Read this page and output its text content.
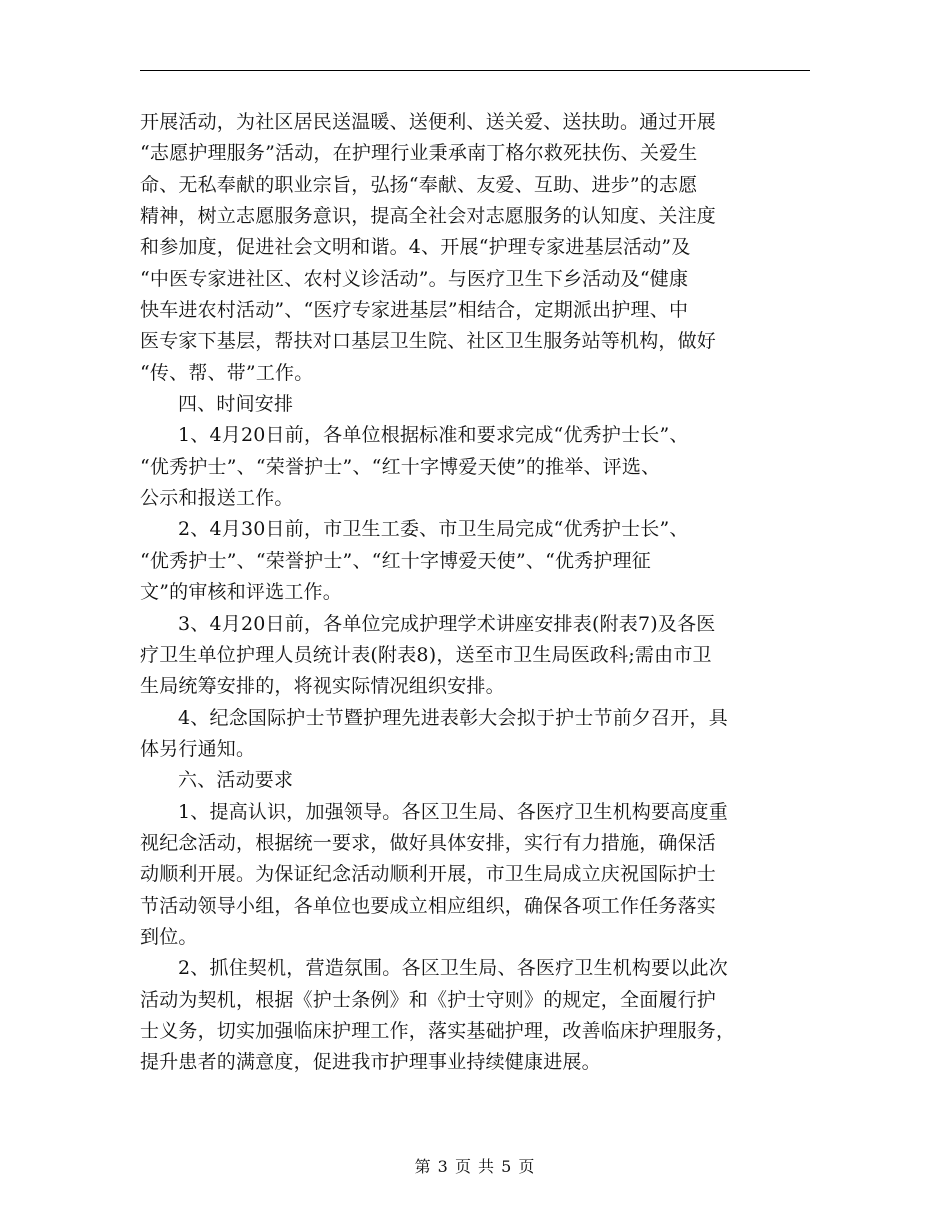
开展活动，为社区居民送温暖、送便利、送关爱、送扶助。通过开展
“志愿护理服务”活动，在护理行业秉承南丁格尔救死扶伤、关爱生
命、无私奉献的职业宗旨，弘扬“奉献、友爱、互助、进步”的志愿
精神，树立志愿服务意识，提高全社会对志愿服务的认知度、关注度
和参加度，促进社会文明和谐。4、开展“护理专家进基层活动”及
“中医专家进社区、农村义诊活动”。与医疗卫生下乡活动及“健康
快车进农村活动”、“医疗专家进基层”相结合，定期派出护理、中
医专家下基层，帮扶对口基层卫生院、社区卫生服务站等机构，做好
“传、帮、带”工作。
四、时间安排
1、4月20日前，各单位根据标准和要求完成“优秀护士长”、
“优秀护士”、“荣誉护士”、“红十字博爱天使”的推举、评选、
公示和报送工作。
2、4月30日前，市卫生工委、市卫生局完成“优秀护士长”、
“优秀护士”、“荣誉护士”、“红十字博爱天使”、“优秀护理征
文”的审核和评选工作。
3、4月20日前，各单位完成护理学术讲座安排表(附表7)及各医
疗卫生单位护理人员统计表(附表8)，送至市卫生局医政科;需由市卫
生局统筹安排的，将视实际情况组织安排。
4、纪念国际护士节暨护理先进表彰大会拟于护士节前夕召开，具
体另行通知。
六、活动要求
1、提高认识，加强领导。各区卫生局、各医疗卫生机构要高度重
视纪念活动，根据统一要求，做好具体安排，实行有力措施，确保活
动顺利开展。为保证纪念活动顺利开展，市卫生局成立庆祝国际护士
节活动领导小组，各单位也要成立相应组织，确保各项工作任务落实
到位。
2、抓住契机，营造氛围。各区卫生局、各医疗卫生机构要以此次
活动为契机，根据《护士条例》和《护士守则》的规定，全面履行护
士义务，切实加强临床护理工作，落实基础护理，改善临床护理服务，
提升患者的满意度，促进我市护理事业持续健康进展。
第 3 页 共 5 页
